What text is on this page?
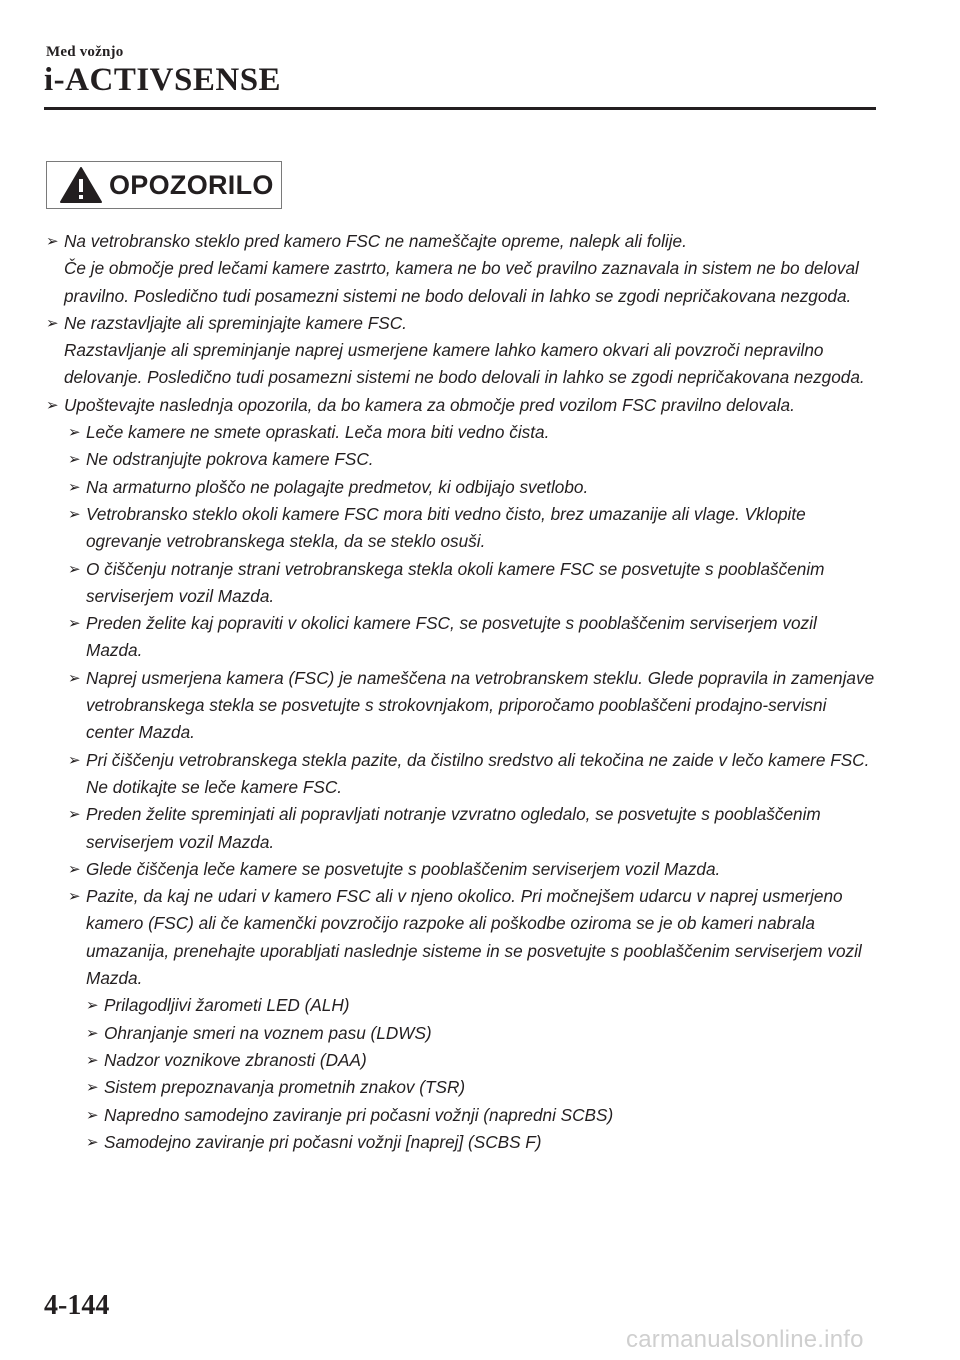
Med vožnjo
i-ACTIVSENSE
OPOZORILO
➢ Na vetrobransko steklo pred kamero FSC ne nameščajte opreme, nalepk ali folije.

Če je območje pred lečami kamere zastrto, kamera ne bo več pravilno zaznavala in sistem ne bo deloval pravilno. Posledično tudi posamezni sistemi ne bodo delovali in lahko se zgodi nepričakovana nezgoda.

➢ Ne razstavljajte ali spreminjajte kamere FSC.

Razstavljanje ali spreminjanje naprej usmerjene kamere lahko kamero okvari ali povzroči nepravilno delovanje. Posledično tudi posamezni sistemi ne bodo delovali in lahko se zgodi nepričakovana nezgoda.

➢ Upoštevajte naslednja opozorila, da bo kamera za območje pred vozilom FSC pravilno delovala.

➢ Leče kamere ne smete opraskati. Leča mora biti vedno čista.

➢ Ne odstranjujte pokrova kamere FSC.

➢ Na armaturno ploščo ne polagajte predmetov, ki odbijajo svetlobo.

➢ Vetrobransko steklo okoli kamere FSC mora biti vedno čisto, brez umazanije ali vlage. Vklopite ogrevanje vetrobranskega stekla, da se steklo osuši.

➢ O čiščenju notranje strani vetrobranskega stekla okoli kamere FSC se posvetujte s pooblaščenim serviserjem vozil Mazda.

➢ Preden želite kaj popraviti v okolici kamere FSC, se posvetujte s pooblaščenim serviserjem vozil Mazda.

➢ Naprej usmerjena kamera (FSC) je nameščena na vetrobranskem steklu. Glede popravila in zamenjave vetrobranskega stekla se posvetujte s strokovnjakom, priporočamo pooblaščeni prodajno-servisni center Mazda.

➢ Pri čiščenju vetrobranskega stekla pazite, da čistilno sredstvo ali tekočina ne zaide v lečo kamere FSC. Ne dotikajte se leče kamere FSC.

➢ Preden želite spreminjati ali popravljati notranje vzvratno ogledalo, se posvetujte s pooblaščenim serviserjem vozil Mazda.

➢ Glede čiščenja leče kamere se posvetujte s pooblaščenim serviserjem vozil Mazda.

➢ Pazite, da kaj ne udari v kamero FSC ali v njeno okolico. Pri močnejšem udarcu v naprej usmerjeno kamero (FSC) ali če kamenčki povzročijo razpoke ali poškodbe oziroma se je ob kameri nabrala umazanija, prenehajte uporabljati naslednje sisteme in se posvetujte s pooblaščenim serviserjem vozil Mazda.

➢ Prilagodljivi žarometi LED (ALH)

➢ Ohranjanje smeri na voznem pasu (LDWS)

➢ Nadzor voznikove zbranosti (DAA)

➢ Sistem prepoznavanja prometnih znakov (TSR)

➢ Napredno samodejno zaviranje pri počasni vožnji (napredni SCBS)

➢ Samodejno zaviranje pri počasni vožnji [naprej] (SCBS F)

4-144
carmanualsonline.info
